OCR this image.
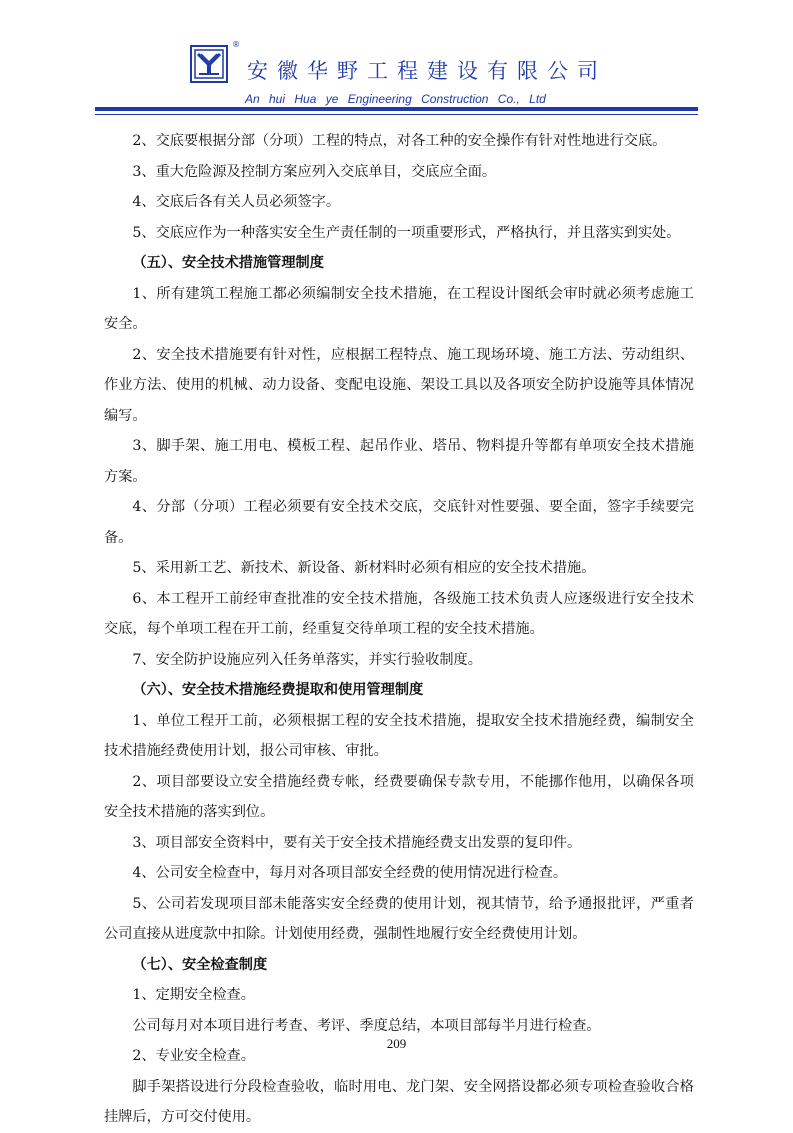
®
安徽华野工程建设有限公司
An hui Hua ye Engineering Construction Co., Ltd

2、交底要根据分部（分项）工程的特点，对各工种的安全操作有针对性地进行交底。

3、重大危险源及控制方案应列入交底单目，交底应全面。

4、交底后各有关人员必须签字。

5、交底应作为一种落实安全生产责任制的一项重要形式，严格执行，并且落实到实处。

（五）、安全技术措施管理制度

1、所有建筑工程施工都必须编制安全技术措施，在工程设计图纸会审时就必须考虑施工安全。

2、安全技术措施要有针对性，应根据工程特点、施工现场环境、施工方法、劳动组织、作业方法、使用的机械、动力设备、变配电设施、架设工具以及各项安全防护设施等具体情况编写。

3、脚手架、施工用电、模板工程、起吊作业、塔吊、物料提升等都有单项安全技术措施方案。

4、分部（分项）工程必须要有安全技术交底，交底针对性要强、要全面，签字手续要完备。

5、采用新工艺、新技术、新设备、新材料时必须有相应的安全技术措施。

6、本工程开工前经审查批准的安全技术措施，各级施工技术负责人应逐级进行安全技术交底，每个单项工程在开工前，经重复交待单项工程的安全技术措施。

7、安全防护设施应列入任务单落实，并实行验收制度。

（六）、安全技术措施经费提取和使用管理制度

1、单位工程开工前，必须根据工程的安全技术措施，提取安全技术措施经费，编制安全技术措施经费使用计划，报公司审核、审批。

2、项目部要设立安全措施经费专帐，经费要确保专款专用，不能挪作他用，以确保各项安全技术措施的落实到位。

3、项目部安全资料中，要有关于安全技术措施经费支出发票的复印件。

4、公司安全检查中，每月对各项目部安全经费的使用情况进行检查。

5、公司若发现项目部未能落实安全经费的使用计划，视其情节，给予通报批评，严重者公司直接从进度款中扣除。计划使用经费，强制性地履行安全经费使用计划。

（七）、安全检查制度

1、定期安全检查。

公司每月对本项目进行考查、考评、季度总结，本项目部每半月进行检查。

2、专业安全检查。

脚手架搭设进行分段检查验收，临时用电、龙门架、安全网搭设都必须专项检查验收合格挂牌后，方可交付使用。

209
